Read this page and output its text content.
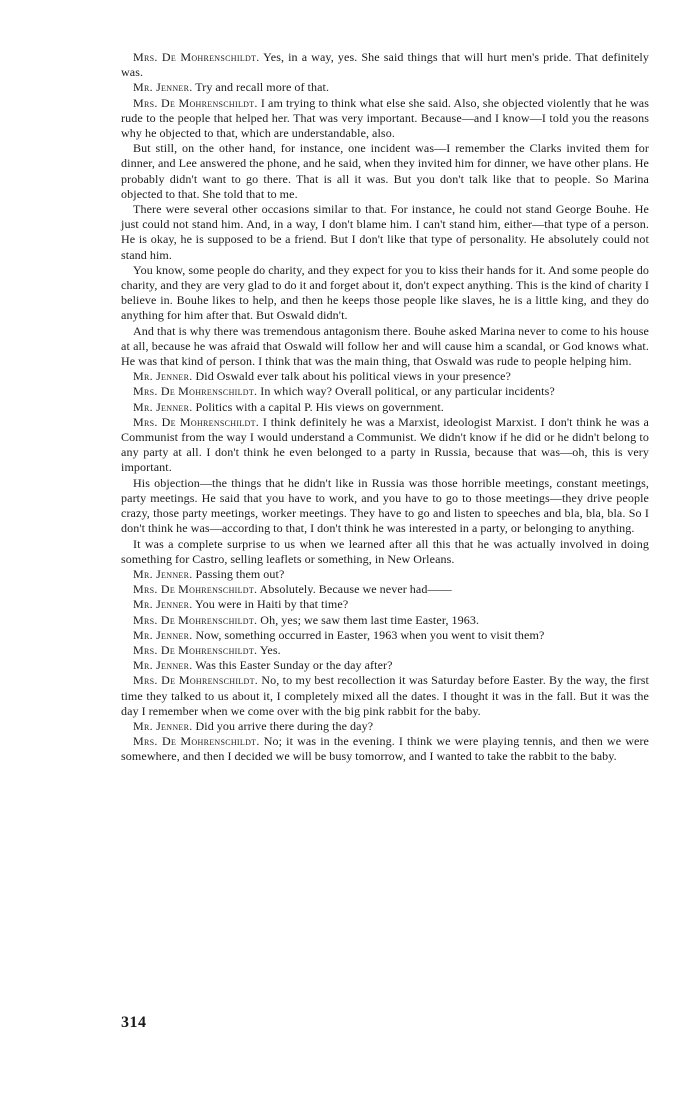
Mrs. De Mohrenschildt. Yes, in a way, yes. She said things that will hurt men's pride. That definitely was.

Mr. Jenner. Try and recall more of that.

Mrs. De Mohrenschildt. I am trying to think what else she said. Also, she objected violently that he was rude to the people that helped her. That was very important. Because—and I know—I told you the reasons why he objected to that, which are understandable, also.

But still, on the other hand, for instance, one incident was—I remember the Clarks invited them for dinner, and Lee answered the phone, and he said, when they invited him for dinner, we have other plans. He probably didn't want to go there. That is all it was. But you don't talk like that to people. So Marina objected to that. She told that to me.

There were several other occasions similar to that. For instance, he could not stand George Bouhe. He just could not stand him. And, in a way, I don't blame him. I can't stand him, either—that type of a person. He is okay, he is supposed to be a friend. But I don't like that type of personality. He absolutely could not stand him.

You know, some people do charity, and they expect for you to kiss their hands for it. And some people do charity, and they are very glad to do it and forget about it, don't expect anything. This is the kind of charity I believe in. Bouhe likes to help, and then he keeps those people like slaves, he is a little king, and they do anything for him after that. But Oswald didn't.

And that is why there was tremendous antagonism there. Bouhe asked Marina never to come to his house at all, because he was afraid that Oswald will follow her and will cause him a scandal, or God knows what. He was that kind of person. I think that was the main thing, that Oswald was rude to people helping him.

Mr. Jenner. Did Oswald ever talk about his political views in your presence?

Mrs. De Mohrenschildt. In which way? Overall political, or any particular incidents?

Mr. Jenner. Politics with a capital P. His views on government.

Mrs. De Mohrenschildt. I think definitely he was a Marxist, ideologist Marxist. I don't think he was a Communist from the way I would understand a Communist. We didn't know if he did or he didn't belong to any party at all. I don't think he even belonged to a party in Russia, because that was—oh, this is very important.

His objection—the things that he didn't like in Russia was those horrible meetings, constant meetings, party meetings. He said that you have to work, and you have to go to those meetings—they drive people crazy, those party meetings, worker meetings. They have to go and listen to speeches and bla, bla, bla. So I don't think he was—according to that, I don't think he was interested in a party, or belonging to anything.

It was a complete surprise to us when we learned after all this that he was actually involved in doing something for Castro, selling leaflets or something, in New Orleans.

Mr. Jenner. Passing them out?

Mrs. De Mohrenschildt. Absolutely. Because we never had——

Mr. Jenner. You were in Haiti by that time?

Mrs. De Mohrenschildt. Oh, yes; we saw them last time Easter, 1963.

Mr. Jenner. Now, something occurred in Easter, 1963 when you went to visit them?

Mrs. De Mohrenschildt. Yes.

Mr. Jenner. Was this Easter Sunday or the day after?

Mrs. De Mohrenschildt. No, to my best recollection it was Saturday before Easter. By the way, the first time they talked to us about it, I completely mixed all the dates. I thought it was in the fall. But it was the day I remember when we come over with the big pink rabbit for the baby.

Mr. Jenner. Did you arrive there during the day?

Mrs. De Mohrenschildt. No; it was in the evening. I think we were playing tennis, and then we were somewhere, and then I decided we will be busy tomorrow, and I wanted to take the rabbit to the baby.

314
